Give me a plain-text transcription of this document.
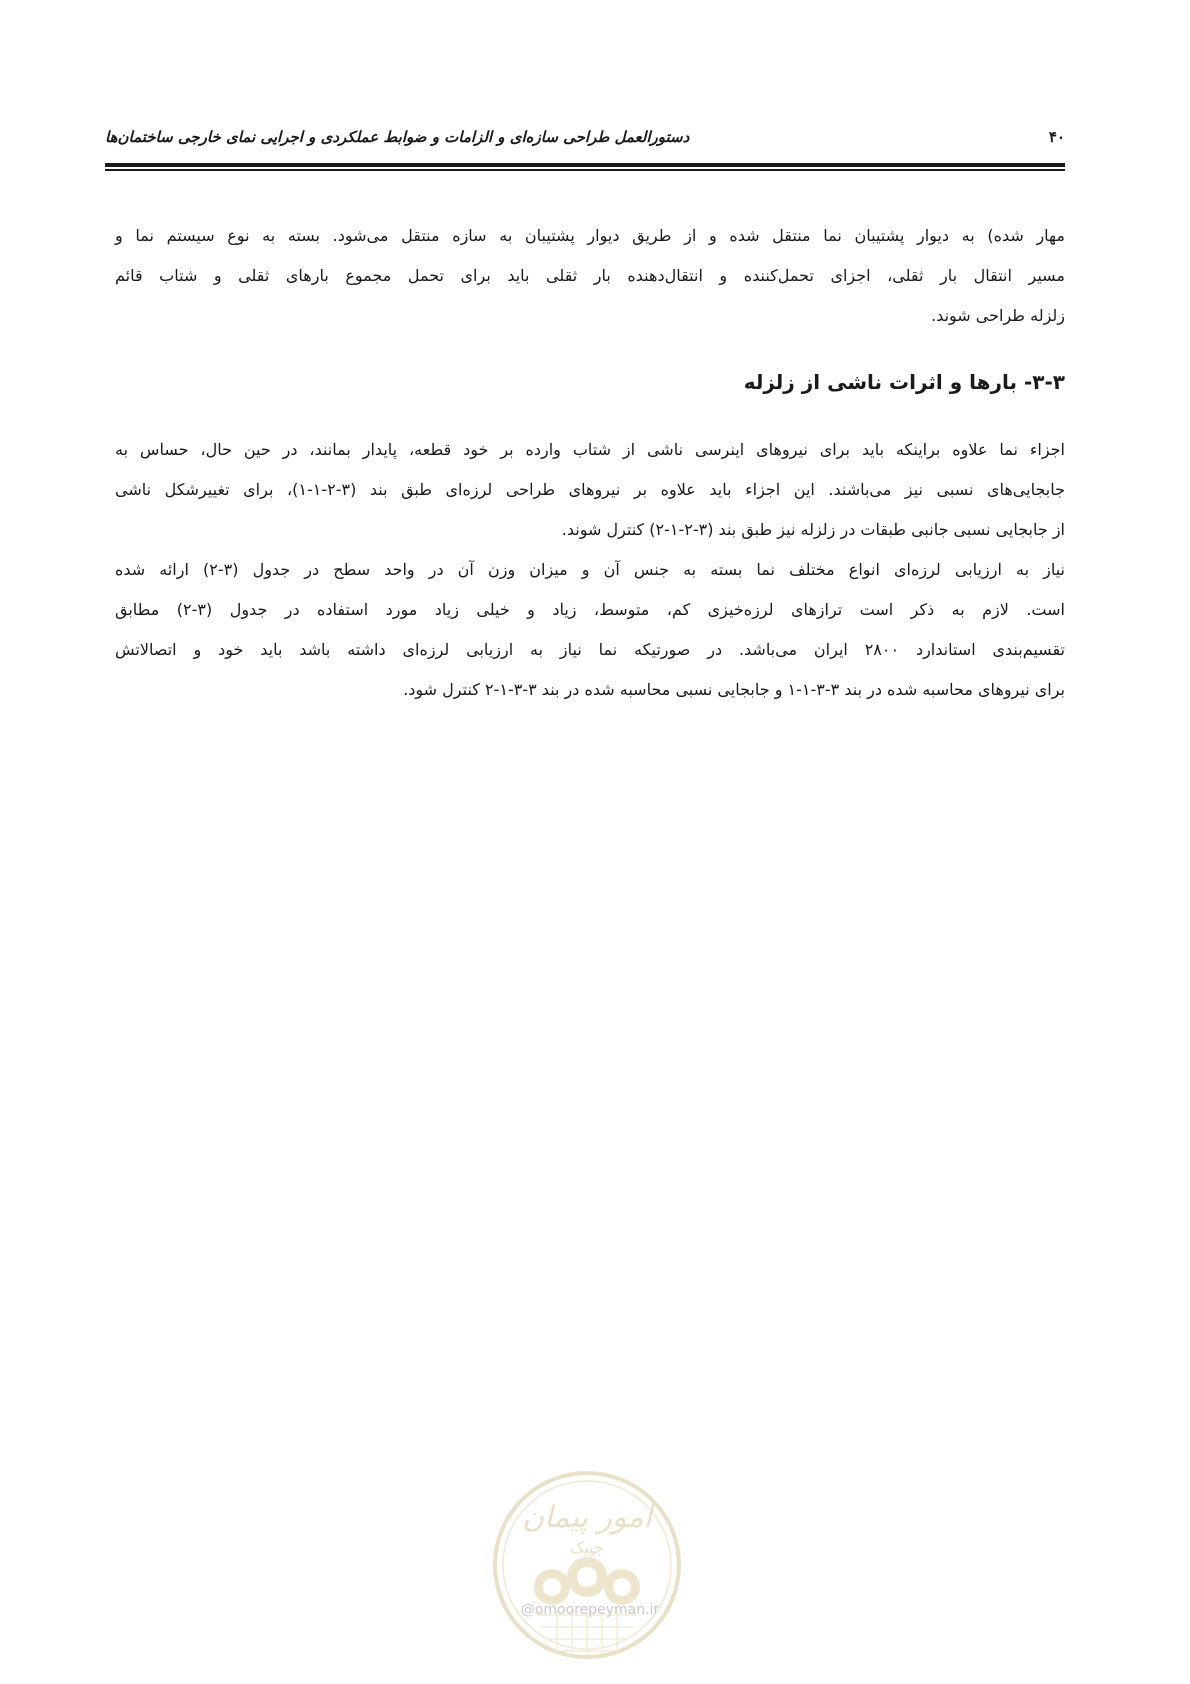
دستورالعمل طراحی سازه‌ای و الزامات و ضوابط عملکردی و اجرایی نمای خارجی ساختمان‌ها	۴۰
مهار شده) به دیوار پشتیبان نما منتقل شده و از طریق دیوار پشتیبان به سازه منتقل می‌شود. بسته به نوع سیستم نما و
مسیر انتقال بار ثقلی، اجزای تحمل‌کننده و انتقال‌دهنده بار ثقلی باید برای تحمل مجموع بارهای ثقلی و شتاب قائم
زلزله طراحی شوند.
۳-۳- بارها و اثرات ناشی از زلزله
اجزاء نما علاوه براینکه باید برای نیروهای اینرسی ناشی از شتاب وارده بر خود قطعه، پایدار بمانند، در حین حال، حساس به
جابجایی‌های نسبی نیز می‌باشند. این اجزاء باید علاوه بر نیروهای طراحی لرزه‌ای طبق بند (۳-۲-۱-۱)، برای تغییرشکل ناشی
از جابجایی نسبی جانبی طبقات در زلزله نیز طبق بند (۳-۲-۱-۲) کنترل شوند.
نیاز به ارزیابی لرزه‌ای انواع مختلف نما بسته به جنس آن و میزان وزن آن در واحد سطح در جدول (۳-۲) ارائه شده
است. لازم به ذکر است ترازهای لرزه‌خیزی کم، متوسط، زیاد و خیلی زیاد مورد استفاده در جدول (۳-۲) مطابق
تقسیم‌بندی استاندارد ۲۸۰۰ ایران می‌باشد. در صورتیکه نما نیاز به ارزیابی لرزه‌ای داشته باشد باید خود و اتصالاتش
برای نیروهای محاسبه شده در بند ۳-۳-۱-۱ و جابجایی نسبی محاسبه شده در بند ۳-۳-۱-۲ کنترل شود.
امور پیمان
چپیک
@omoorepeyman.ir
